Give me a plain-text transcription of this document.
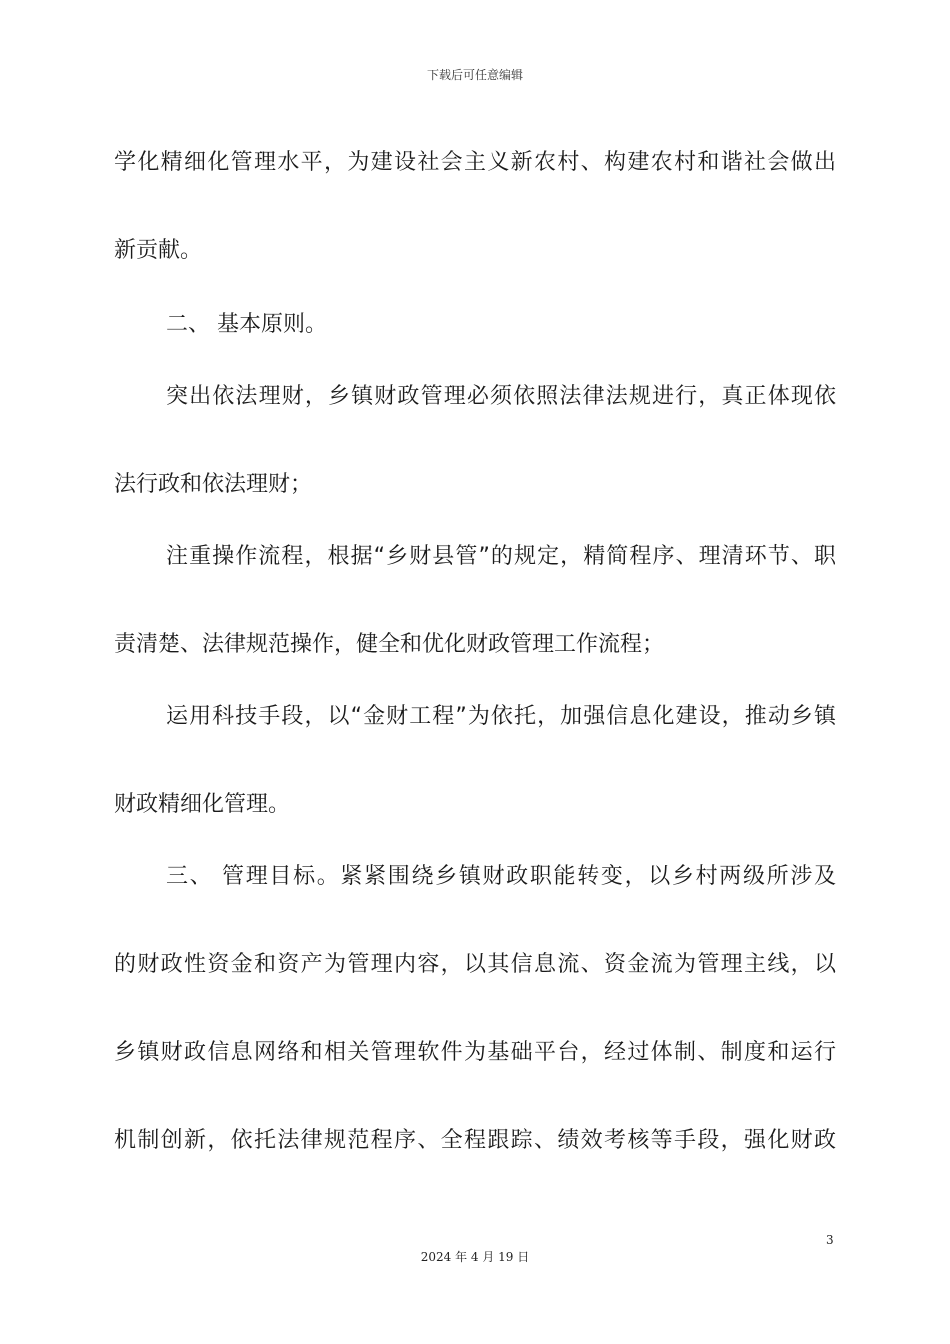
下载后可任意编辑
学化精细化管理水平，为建设社会主义新农村、构建农村和谐社会做出
新贡献。
二、 基本原则。
突出依法理财，乡镇财政管理必须依照法律法规进行，真正体现依
法行政和依法理财；
注重操作流程，根据“乡财县管”的规定，精简程序、理清环节、职
责清楚、法律规范操作，健全和优化财政管理工作流程；
运用科技手段，以“金财工程”为依托，加强信息化建设，推动乡镇
财政精细化管理。
三、 管理目标。紧紧围绕乡镇财政职能转变，以乡村两级所涉及
的财政性资金和资产为管理内容，以其信息流、资金流为管理主线，以
乡镇财政信息网络和相关管理软件为基础平台，经过体制、制度和运行
机制创新，依托法律规范程序、全程跟踪、绩效考核等手段，强化财政
3
2024 年 4 月 19 日
